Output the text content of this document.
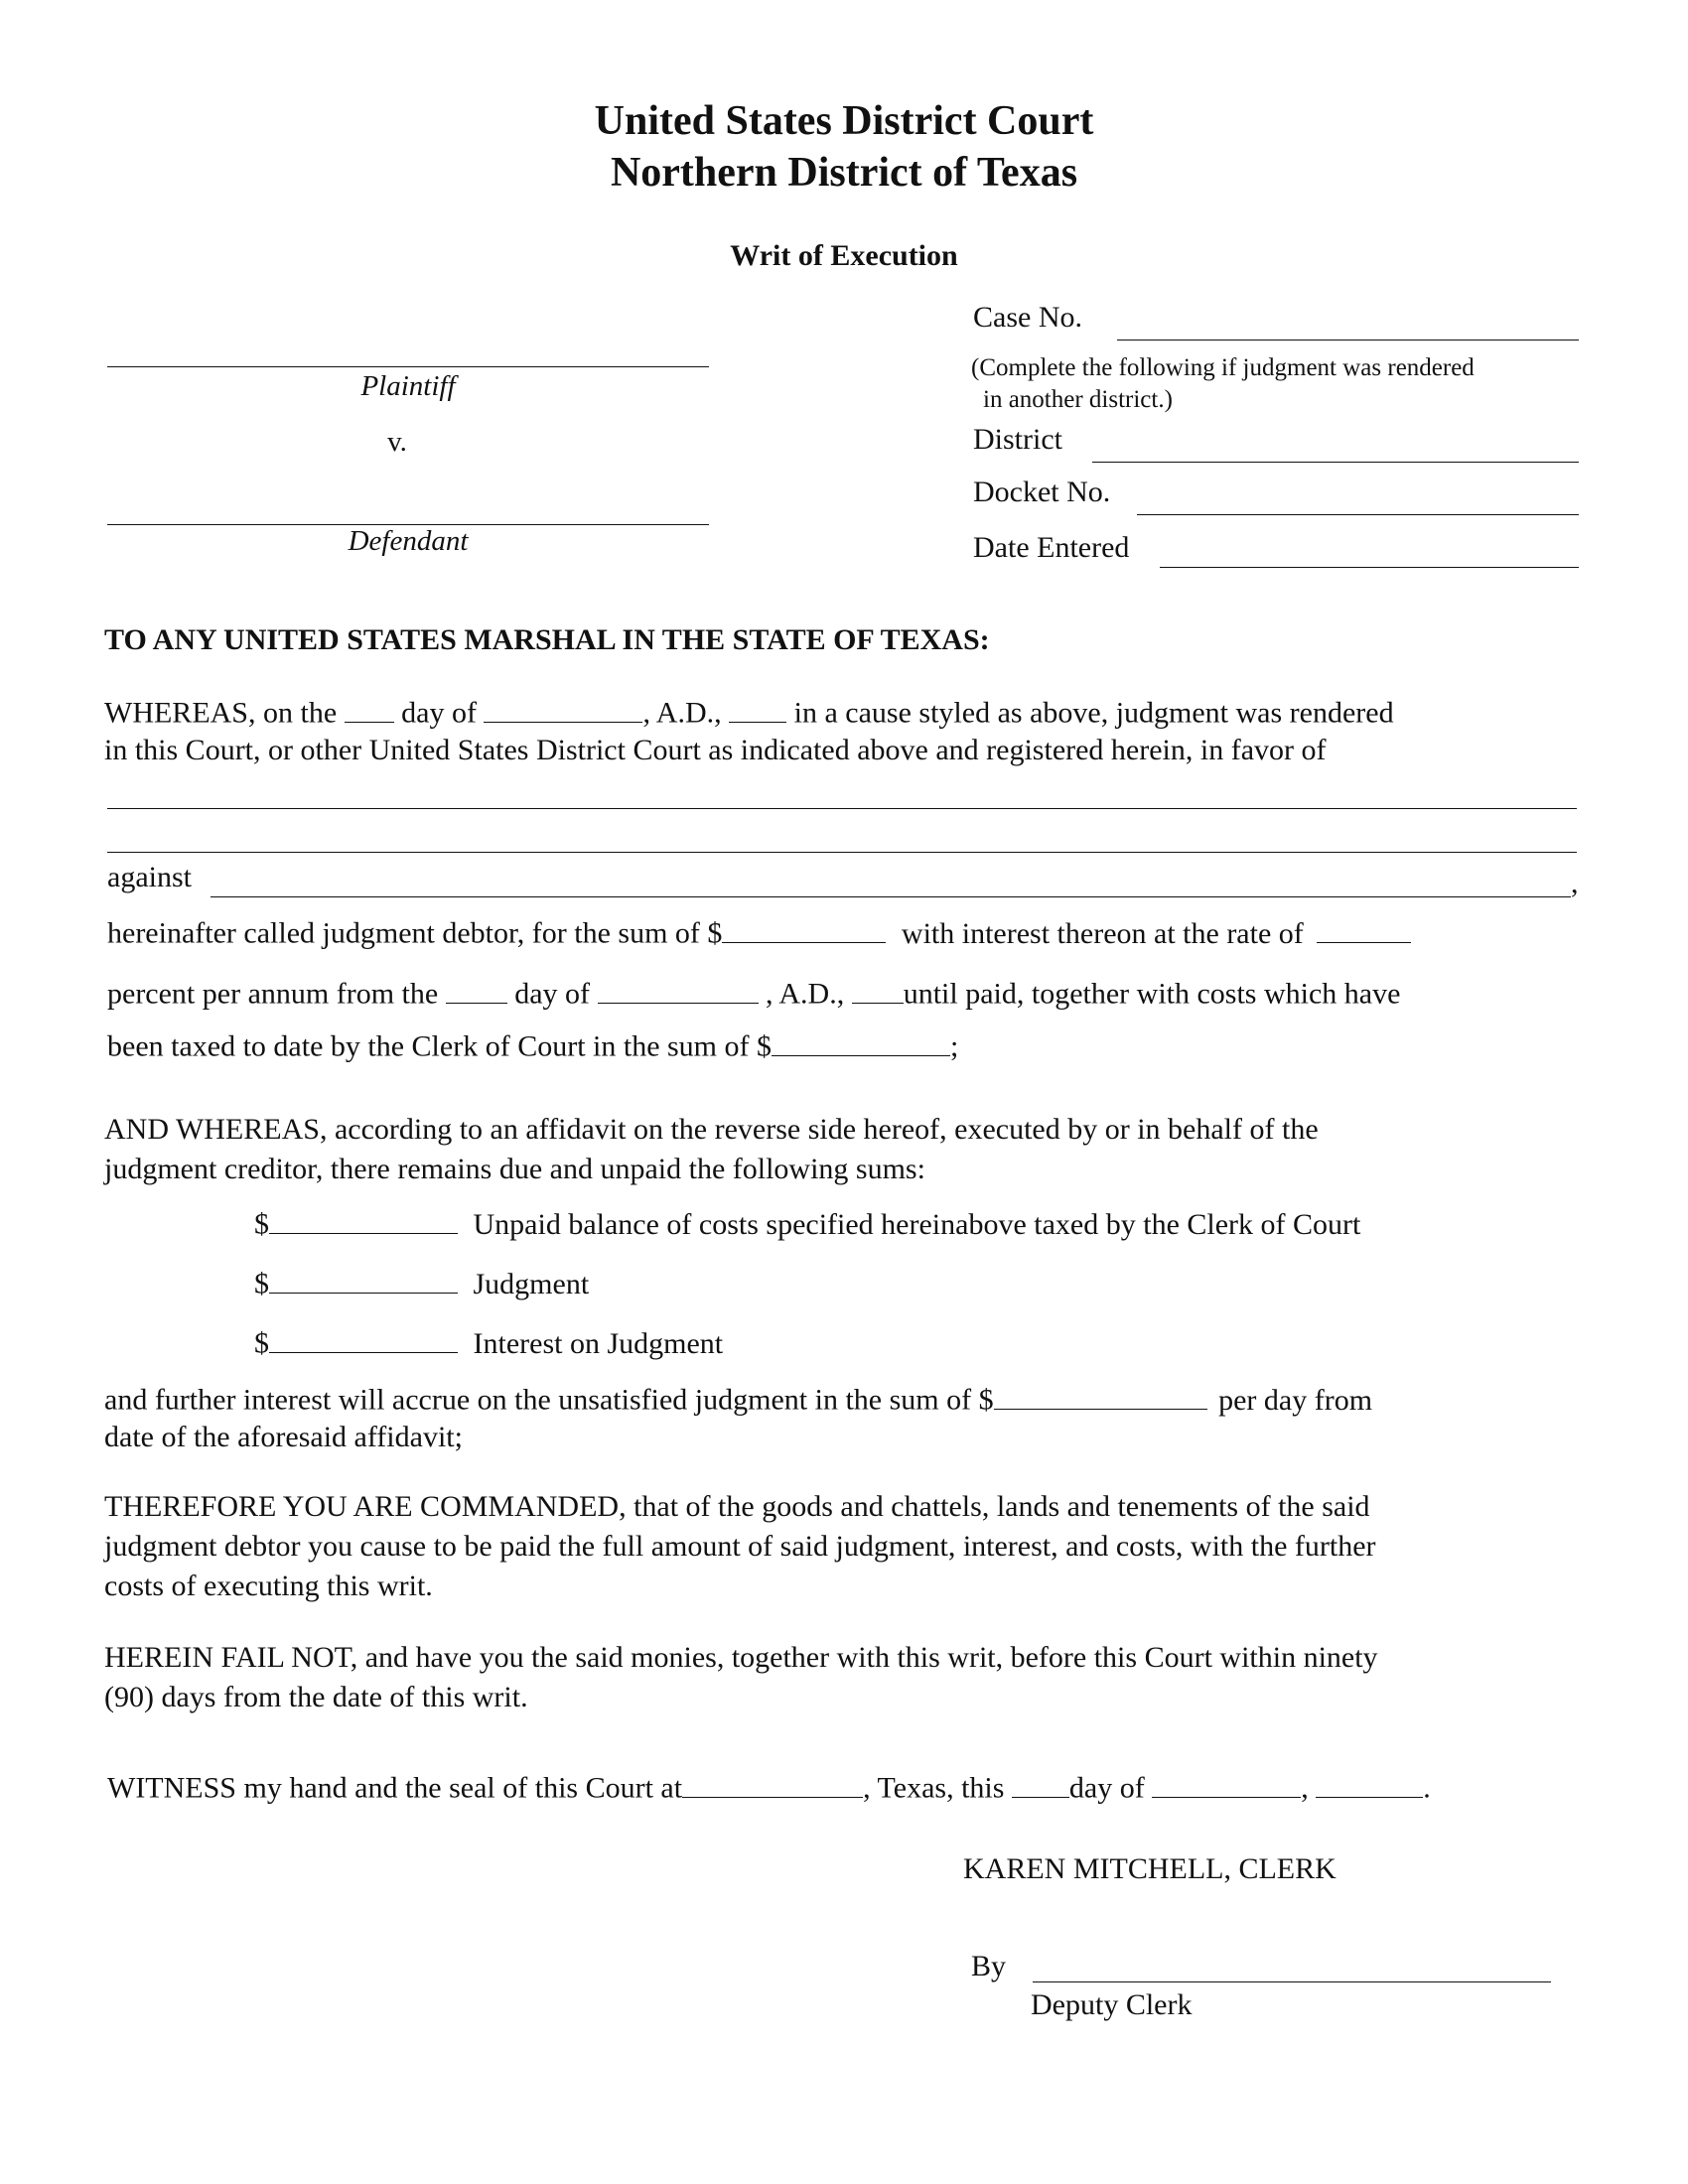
United States District Court
Northern District of Texas
Writ of Execution
Case No.
(Complete the following if judgment was rendered
in another district.)
District
Docket No.
Date Entered
Plaintiff
v.
Defendant
TO ANY UNITED STATES MARSHAL IN THE STATE OF TEXAS:
WHEREAS, on the day of	, A.D., in a cause styled as above, judgment was rendered
in this Court, or other United States District Court as indicated above and registered herein, in favor of
against	,
hereinafter called judgment debtor, for the sum of $	with interest thereon at the rate of
percent per annum from the	day of	, A.D., until paid, together with costs which have
been taxed to date by the Clerk of Court in the sum of $	;
AND WHEREAS, according to an affidavit on the reverse side hereof, executed by or in behalf of the
judgment creditor, there remains due and unpaid the following sums:
$	Unpaid balance of costs specified hereinabove taxed by the Clerk of Court
$	Judgment
$	Interest on Judgment
and further interest will accrue on the unsatisfied judgment in the sum of $	per day from
date of the aforesaid affidavit;
THEREFORE YOU ARE COMMANDED, that of the goods and chattels, lands and tenements of the said
judgment debtor you cause to be paid the full amount of said judgment, interest, and costs, with the further
costs of executing this writ.
HEREIN FAIL NOT, and have you the said monies, together with this writ, before this Court within ninety
(90) days from the date of this writ.
WITNESS my hand and the seal of this Court at	, Texas, this day of	,	.
KAREN MITCHELL, CLERK
By
Deputy Clerk
